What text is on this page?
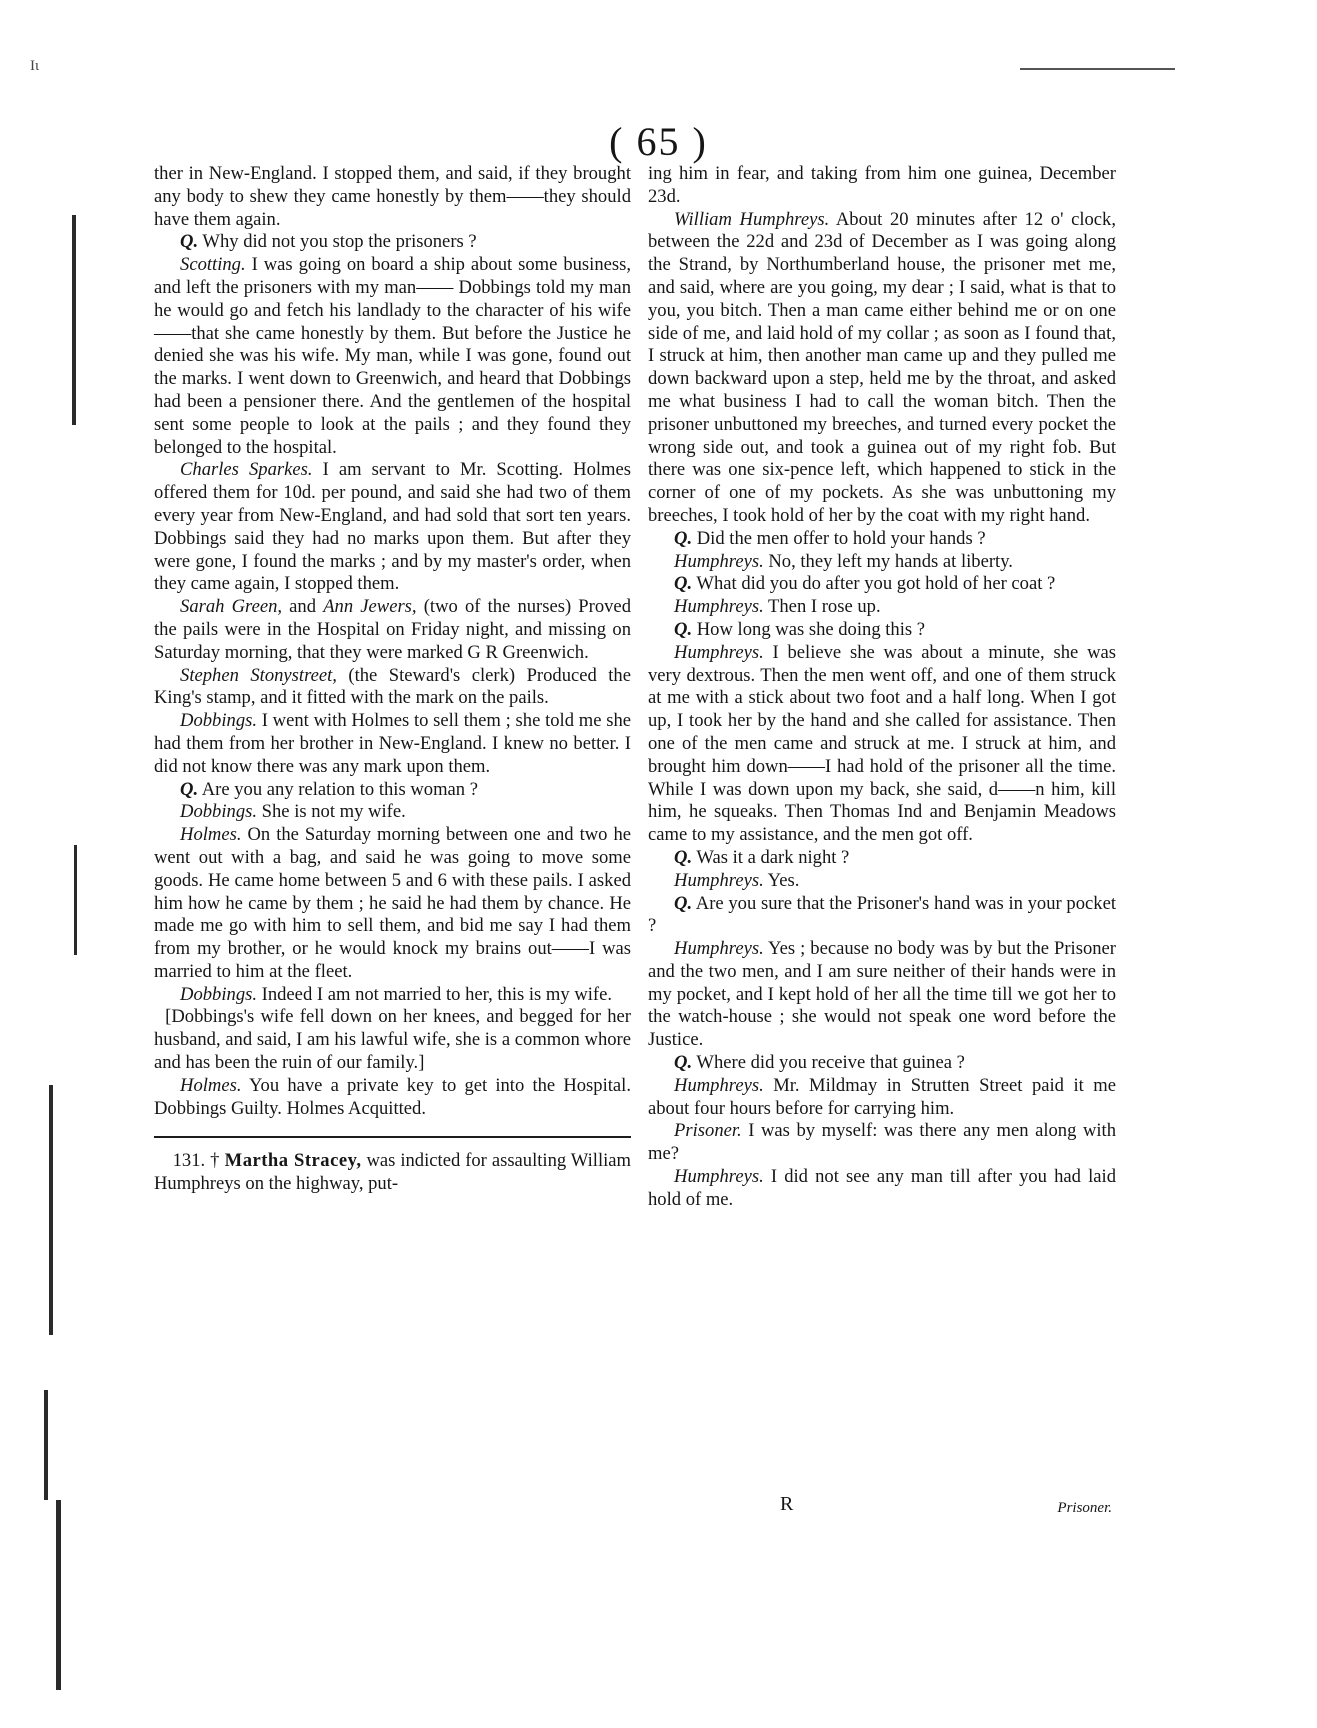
Ιι
( 65 )

ther in New-England. I stopped them, and said, if they brought any body to shew they came honestly by them——they should have them again.

Q. Why did not you stop the prisoners ?

Scotting. I was going on board a ship about some business, and left the prisoners with my man—— Dobbings told my man he would go and fetch his landlady to the character of his wife——that she came honestly by them. But before the Justice he denied she was his wife. My man, while I was gone, found out the marks. I went down to Greenwich, and heard that Dobbings had been a pensioner there. And the gentlemen of the hospital sent some people to look at the pails ; and they found they belonged to the hospital.

Charles Sparkes. I am servant to Mr. Scotting. Holmes offered them for 10d. per pound, and said she had two of them every year from New-England, and had sold that sort ten years. Dobbings said they had no marks upon them. But after they were gone, I found the marks ; and by my master's order, when they came again, I stopped them.

Sarah Green, and Ann Jewers, (two of the nurses) Proved the pails were in the Hospital on Friday night, and missing on Saturday morning, that they were marked G R Greenwich.

Stephen Stonystreet, (the Steward's clerk) Produced the King's stamp, and it fitted with the mark on the pails.

Dobbings. I went with Holmes to sell them ; she told me she had them from her brother in New-England. I knew no better. I did not know there was any mark upon them.

Q. Are you any relation to this woman ?

Dobbings. She is not my wife.

Holmes. On the Saturday morning between one and two he went out with a bag, and said he was going to move some goods. He came home between 5 and 6 with these pails. I asked him how he came by them ; he said he had them by chance. He made me go with him to sell them, and bid me say I had them from my brother, or he would knock my brains out——I was married to him at the fleet.

Dobbings. Indeed I am not married to her, this is my wife.

[Dobbings's wife fell down on her knees, and begged for her husband, and said, I am his lawful wife, she is a common whore and has been the ruin of our family.]

Holmes. You have a private key to get into the Hospital. Dobbings Guilty. Holmes Acquitted.

131. † Martha Stracey, was indicted for assaulting William Humphreys on the highway, put-

ing him in fear, and taking from him one guinea, December 23d.

William Humphreys. About 20 minutes after 12 o' clock, between the 22d and 23d of December as I was going along the Strand, by Northumberland house, the prisoner met me, and said, where are you going, my dear ; I said, what is that to you, you bitch. Then a man came either behind me or on one side of me, and laid hold of my collar ; as soon as I found that, I struck at him, then another man came up and they pulled me down backward upon a step, held me by the throat, and asked me what business I had to call the woman bitch. Then the prisoner unbuttoned my breeches, and turned every pocket the wrong side out, and took a guinea out of my right fob. But there was one six-pence left, which happened to stick in the corner of one of my pockets. As she was unbuttoning my breeches, I took hold of her by the coat with my right hand.

Q. Did the men offer to hold your hands ?

Humphreys. No, they left my hands at liberty.

Q. What did you do after you got hold of her coat ?

Humphreys. Then I rose up.

Q. How long was she doing this ?

Humphreys. I believe she was about a minute, she was very dextrous. Then the men went off, and one of them struck at me with a stick about two foot and a half long. When I got up, I took her by the hand and she called for assistance. Then one of the men came and struck at me. I struck at him, and brought him down——I had hold of the prisoner all the time. While I was down upon my back, she said, d——n him, kill him, he squeaks. Then Thomas Ind and Benjamin Meadows came to my assistance, and the men got off.

Q. Was it a dark night ?

Humphreys. Yes.

Q. Are you sure that the Prisoner's hand was in your pocket ?

Humphreys. Yes ; because no body was by but the Prisoner and the two men, and I am sure neither of their hands were in my pocket, and I kept hold of her all the time till we got her to the watch-house ; she would not speak one word before the Justice.

Q. Where did you receive that guinea ?

Humphreys. Mr. Mildmay in Strutten Street paid it me about four hours before for carrying him.

Prisoner. I was by myself: was there any men along with me?

Humphreys. I did not see any man till after you had laid hold of me.

R	Prisoner.
